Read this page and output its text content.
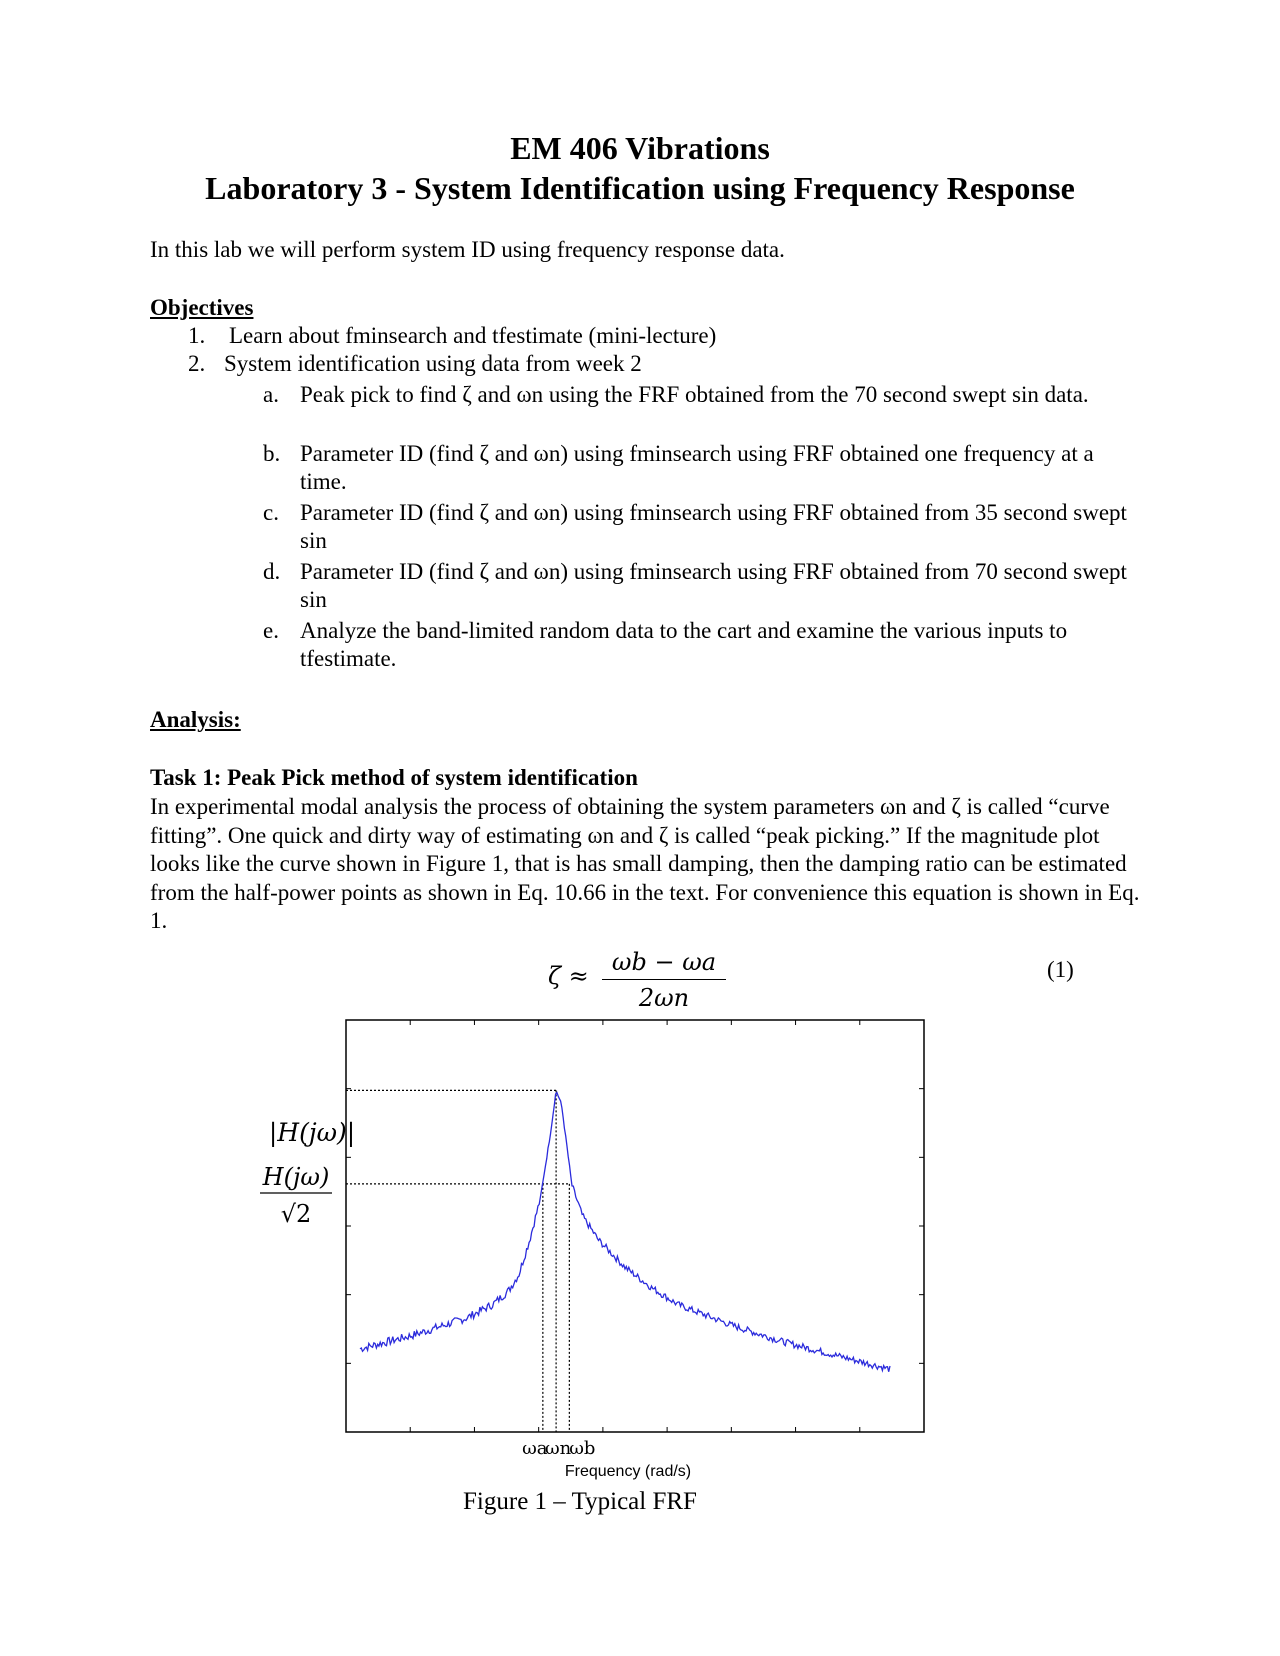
EM 406 Vibrations
Laboratory 3 - System Identification using Frequency Response
In this lab we will perform system ID using frequency response data.
Objectives
1. Learn about fminsearch and tfestimate (mini-lecture)
2. System identification using data from week 2
a. Peak pick to find ζ and ωn using the FRF obtained from the 70 second swept sin data.
b. Parameter ID (find ζ and ωn) using fminsearch using FRF obtained one frequency at a time.
c. Parameter ID (find ζ and ωn) using fminsearch using FRF obtained from 35 second swept sin
d. Parameter ID (find ζ and ωn) using fminsearch using FRF obtained from 70 second swept sin
e. Analyze the band-limited random data to the cart and examine the various inputs to tfestimate.
Analysis:
Task 1: Peak Pick method of system identification
In experimental modal analysis the process of obtaining the system parameters ωn and ζ is called “curve fitting”. One quick and dirty way of estimating ωn and ζ is called “peak picking.” If the magnitude plot looks like the curve shown in Figure 1, that is has small damping, then the damping ratio can be estimated from the half-power points as shown in Eq. 10.66 in the text. For convenience this equation is shown in Eq. 1.
ζ ≈ ωb − ωa
2ωn
(1)
|H(jω)|
H(jω)
√2
ωa
ωn
ωb
Frequency (rad/s)
Figure 1 – Typical FRF
